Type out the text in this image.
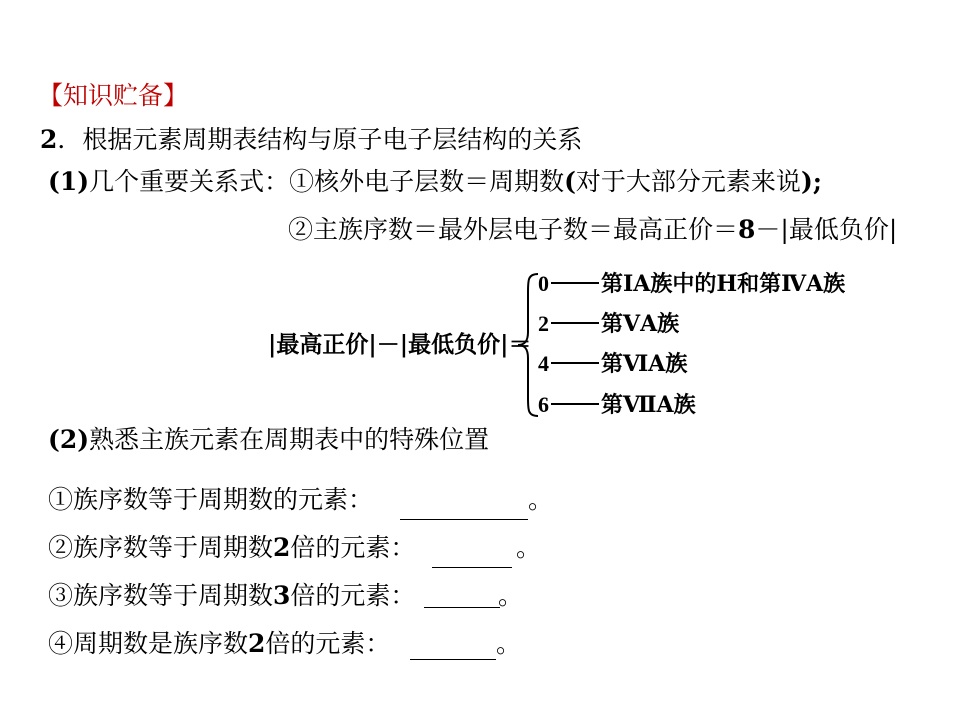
【知识贮备】
2．根据元素周期表结构与原子电子层结构的关系
(1)几个重要关系式：①核外电子层数＝周期数(对于大部分元素来说);
②主族序数＝最外层电子数＝最高正价＝8－|最低负价|
|最高正价|－|最低负价|＝
0 第ⅠA族中的H和第ⅣA族
2 第ⅤA族
4 第ⅥA族
6 第ⅦA族
(2)熟悉主族元素在周期表中的特殊位置
①族序数等于周期数的元素：	。
②族序数等于周期数2倍的元素：	。
③族序数等于周期数3倍的元素：	。
④周期数是族序数2倍的元素：	。
